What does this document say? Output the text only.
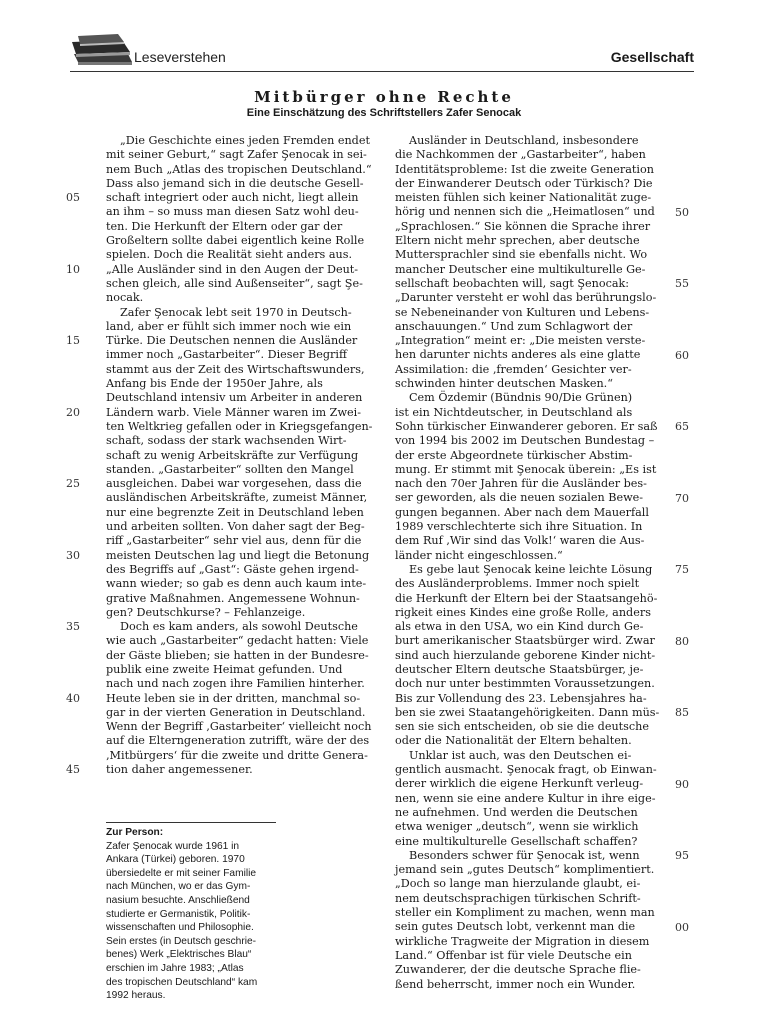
Leseverstehen	Gesellschaft
Mitbürger ohne Rechte
Eine Einschätzung des Schriftstellers Zafer Senocak
„Die Geschichte eines jeden Fremden endet
mit seiner Geburt,“ sagt Zafer Şenocak in sei-
nem Buch „Atlas des tropischen Deutschland.“
Dass also jemand sich in die deutsche Gesell-
schaft integriert oder auch nicht, liegt allein
an ihm – so muss man diesen Satz wohl deu-
ten. Die Herkunft der Eltern oder gar der
Großeltern sollte dabei eigentlich keine Rolle
spielen. Doch die Realität sieht anders aus.
„Alle Ausländer sind in den Augen der Deut-
schen gleich, alle sind Außenseiter“, sagt Şe-
nocak.
Zafer Şenocak lebt seit 1970 in Deutsch-
land, aber er fühlt sich immer noch wie ein
Türke. Die Deutschen nennen die Ausländer
immer noch „Gastarbeiter“. Dieser Begriff
stammt aus der Zeit des Wirtschaftswunders,
Anfang bis Ende der 1950er Jahre, als
Deutschland intensiv um Arbeiter in anderen
Ländern warb. Viele Männer waren im Zwei-
ten Weltkrieg gefallen oder in Kriegsgefangen-
schaft, sodass der stark wachsenden Wirt-
schaft zu wenig Arbeitskräfte zur Verfügung
standen. „Gastarbeiter“ sollten den Mangel
ausgleichen. Dabei war vorgesehen, dass die
ausländischen Arbeitskräfte, zumeist Männer,
nur eine begrenzte Zeit in Deutschland leben
und arbeiten sollten. Von daher sagt der Beg-
riff „Gastarbeiter“ sehr viel aus, denn für die
meisten Deutschen lag und liegt die Betonung
des Begriffs auf „Gast“: Gäste gehen irgend-
wann wieder; so gab es denn auch kaum inte-
grative Maßnahmen. Angemessene Wohnun-
gen? Deutschkurse? – Fehlanzeige.
Doch es kam anders, als sowohl Deutsche
wie auch „Gastarbeiter“ gedacht hatten: Viele
der Gäste blieben; sie hatten in der Bundesre-
publik eine zweite Heimat gefunden. Und
nach und nach zogen ihre Familien hinterher.
Heute leben sie in der dritten, manchmal so-
gar in der vierten Generation in Deutschland.
Wenn der Begriff ‚Gastarbeiter‘ vielleicht noch
auf die Elterngeneration zutrifft, wäre der des
‚Mitbürgers‘ für die zweite und dritte Genera-
tion daher angemessener.
Ausländer in Deutschland, insbesondere
die Nachkommen der „Gastarbeiter“, haben
Identitätsprobleme: Ist die zweite Generation
der Einwanderer Deutsch oder Türkisch? Die
meisten fühlen sich keiner Nationalität zuge-
hörig und nennen sich die „Heimatlosen“ und
„Sprachlosen.“ Sie können die Sprache ihrer
Eltern nicht mehr sprechen, aber deutsche
Muttersprachler sind sie ebenfalls nicht. Wo
mancher Deutscher eine multikulturelle Ge-
sellschaft beobachten will, sagt Şenocak:
„Darunter versteht er wohl das berührungslo-
se Nebeneinander von Kulturen und Lebens-
anschauungen.“ Und zum Schlagwort der
„Integration“ meint er: „Die meisten verste-
hen darunter nichts anderes als eine glatte
Assimilation: die ‚fremden‘ Gesichter ver-
schwinden hinter deutschen Masken.“
Cem Özdemir (Bündnis 90/Die Grünen)
ist ein Nichtdeutscher, in Deutschland als
Sohn türkischer Einwanderer geboren. Er saß
von 1994 bis 2002 im Deutschen Bundestag –
der erste Abgeordnete türkischer Abstim-
mung. Er stimmt mit Şenocak überein: „Es ist
nach den 70er Jahren für die Ausländer bes-
ser geworden, als die neuen sozialen Bewe-
gungen begannen. Aber nach dem Mauerfall
1989 verschlechterte sich ihre Situation. In
dem Ruf ‚Wir sind das Volk!‘ waren die Aus-
länder nicht eingeschlossen.“
Es gebe laut Şenocak keine leichte Lösung
des Ausländerproblems. Immer noch spielt
die Herkunft der Eltern bei der Staatsangehö-
rigkeit eines Kindes eine große Rolle, anders
als etwa in den USA, wo ein Kind durch Ge-
burt amerikanischer Staatsbürger wird. Zwar
sind auch hierzulande geborene Kinder nicht-
deutscher Eltern deutsche Staatsbürger, je-
doch nur unter bestimmten Voraussetzungen.
Bis zur Vollendung des 23. Lebensjahres ha-
ben sie zwei Staatangehörigkeiten. Dann müs-
sen sie sich entscheiden, ob sie die deutsche
oder die Nationalität der Eltern behalten.
Unklar ist auch, was den Deutschen ei-
gentlich ausmacht. Şenocak fragt, ob Einwan-
derer wirklich die eigene Herkunft verleug-
nen, wenn sie eine andere Kultur in ihre eige-
ne aufnehmen. Und werden die Deutschen
etwa weniger „deutsch“, wenn sie wirklich
eine multikulturelle Gesellschaft schaffen?
Besonders schwer für Şenocak ist, wenn
jemand sein „gutes Deutsch“ komplimentiert.
„Doch so lange man hierzulande glaubt, ei-
nem deutschsprachigen türkischen Schrift-
steller ein Kompliment zu machen, wenn man
sein gutes Deutsch lobt, verkennt man die
wirkliche Tragweite der Migration in diesem
Land.“ Offenbar ist für viele Deutsche ein
Zuwanderer, der die deutsche Sprache flie-
ßend beherrscht, immer noch ein Wunder.
05
10
15
20
25
30
35
40
45
50
55
60
65
70
75
80
85
90
95
00
Zur Person:
Zafer Şenocak wurde 1961 in
Ankara (Türkei) geboren. 1970
übersiedelte er mit seiner Familie
nach München, wo er das Gym-
nasium besuchte. Anschließend
studierte er Germanistik, Politik-
wissenschaften und Philosophie.
Sein erstes (in Deutsch geschrie-
benes) Werk „Elektrisches Blau“
erschien im Jahre 1983; „Atlas
des tropischen Deutschland“ kam
1992 heraus.
